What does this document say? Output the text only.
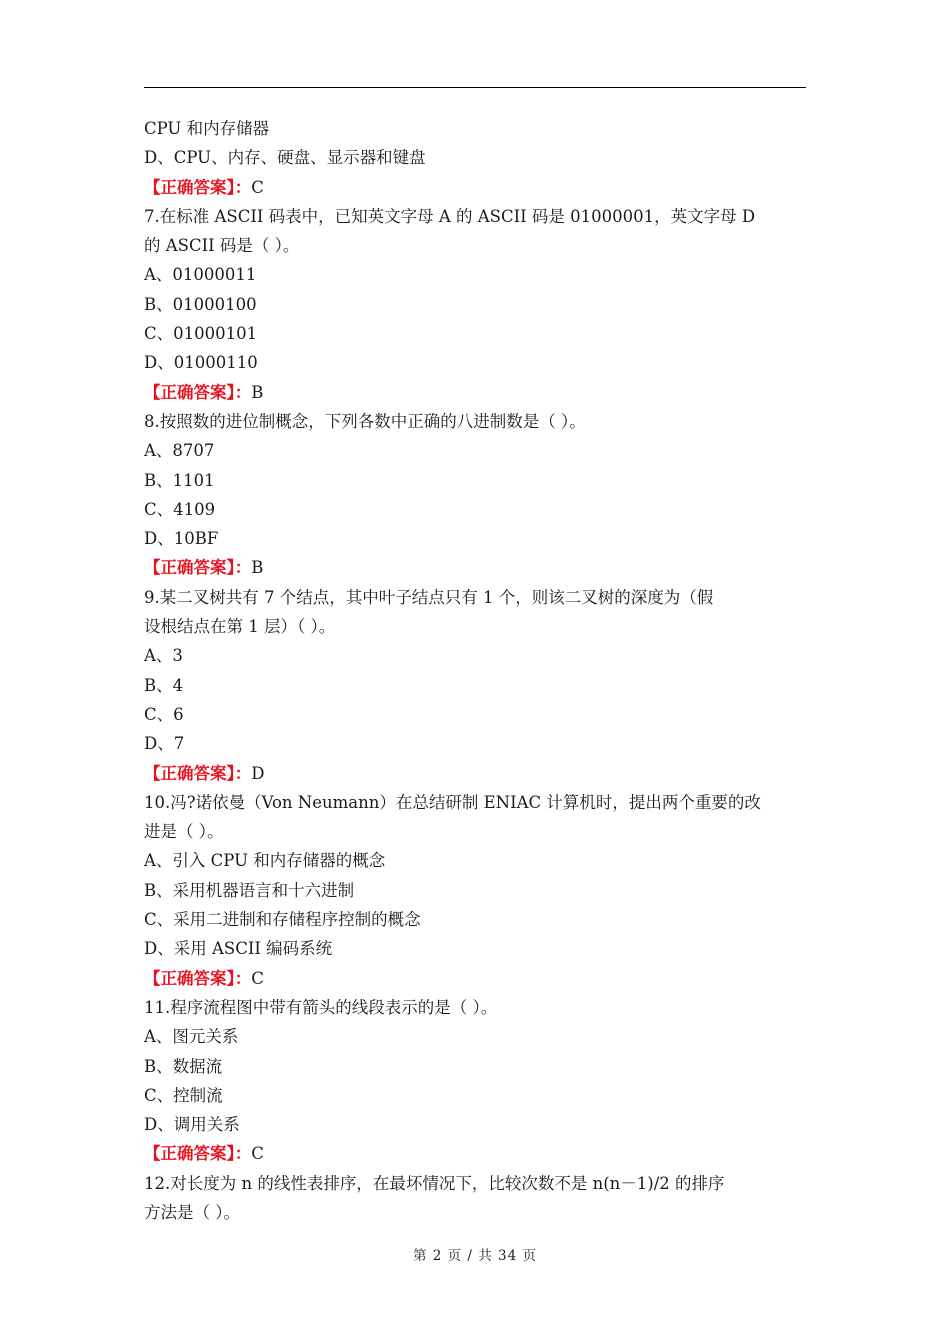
CPU 和内存储器
D、CPU、内存、硬盘、显示器和键盘
【正确答案】：C
7.在标准 ASCII 码表中，已知英文字母 A 的 ASCII 码是 01000001，英文字母 D
的 ASCII 码是（ ）。
A、01000011
B、01000100
C、01000101
D、01000110
【正确答案】：B
8.按照数的进位制概念，下列各数中正确的八进制数是（ ）。
A、8707
B、1101
C、4109
D、10BF
【正确答案】：B
9.某二叉树共有 7 个结点，其中叶子结点只有 1 个，则该二叉树的深度为（假
设根结点在第 1 层）（ ）。
A、3
B、4
C、6
D、7
【正确答案】：D
10.冯?诺依曼（Von Neumann）在总结研制 ENIAC 计算机时，提出两个重要的改
进是（ ）。
A、引入 CPU 和内存储器的概念
B、采用机器语言和十六进制
C、采用二进制和存储程序控制的概念
D、采用 ASCII 编码系统
【正确答案】：C
11.程序流程图中带有箭头的线段表示的是（ ）。
A、图元关系
B、数据流
C、控制流
D、调用关系
【正确答案】：C
12.对长度为 n 的线性表排序，在最坏情况下，比较次数不是 n(n－1)/2 的排序
方法是（ ）。
第 2 页 / 共 34 页
